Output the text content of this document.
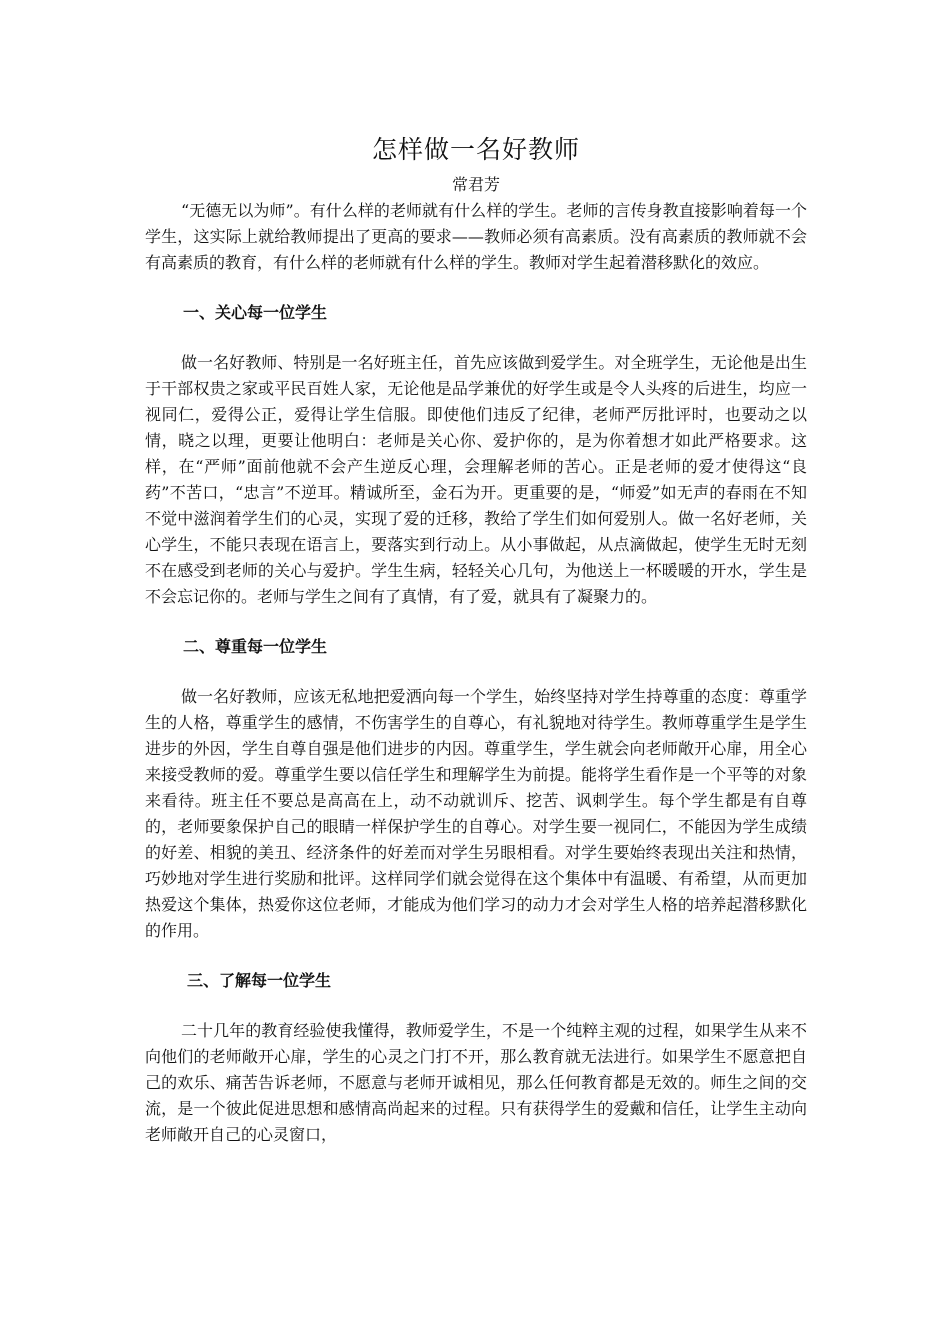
怎样做一名好教师

常君芳

“无德无以为师”。有什么样的老师就有什么样的学生。老师的言传身教直接影响着每一个学生，这实际上就给教师提出了更高的要求——教师必须有高素质。没有高素质的教师就不会有高素质的教育，有什么样的老师就有什么样的学生。教师对学生起着潜移默化的效应。

一、关心每一位学生

做一名好教师、特别是一名好班主任，首先应该做到爱学生。对全班学生，无论他是出生于干部权贵之家或平民百姓人家，无论他是品学兼优的好学生或是令人头疼的后进生，均应一视同仁，爱得公正，爱得让学生信服。即使他们违反了纪律，老师严厉批评时，也要动之以情，晓之以理，更要让他明白：老师是关心你、爱护你的，是为你着想才如此严格要求。这样，在“严师”面前他就不会产生逆反心理，会理解老师的苦心。正是老师的爱才使得这“良药”不苦口，“忠言”不逆耳。精诚所至，金石为开。更重要的是，“师爱”如无声的春雨在不知不觉中滋润着学生们的心灵，实现了爱的迁移，教给了学生们如何爱别人。做一名好老师，关心学生，不能只表现在语言上，要落实到行动上。从小事做起，从点滴做起，使学生无时无刻不在感受到老师的关心与爱护。学生生病，轻轻关心几句，为他送上一杯暖暖的开水，学生是不会忘记你的。老师与学生之间有了真情，有了爱，就具有了凝聚力的。

二、尊重每一位学生

做一名好教师，应该无私地把爱洒向每一个学生，始终坚持对学生持尊重的态度：尊重学生的人格，尊重学生的感情，不伤害学生的自尊心，有礼貌地对待学生。教师尊重学生是学生进步的外因，学生自尊自强是他们进步的内因。尊重学生，学生就会向老师敞开心扉，用全心来接受教师的爱。尊重学生要以信任学生和理解学生为前提。能将学生看作是一个平等的对象来看待。班主任不要总是高高在上，动不动就训斥、挖苦、讽刺学生。每个学生都是有自尊的，老师要象保护自己的眼睛一样保护学生的自尊心。对学生要一视同仁，不能因为学生成绩的好差、相貌的美丑、经济条件的好差而对学生另眼相看。对学生要始终表现出关注和热情，巧妙地对学生进行奖励和批评。这样同学们就会觉得在这个集体中有温暖、有希望，从而更加热爱这个集体，热爱你这位老师，才能成为他们学习的动力才会对学生人格的培养起潜移默化的作用。

三、了解每一位学生

二十几年的教育经验使我懂得，教师爱学生，不是一个纯粹主观的过程，如果学生从来不向他们的老师敞开心扉，学生的心灵之门打不开，那么教育就无法进行。如果学生不愿意把自己的欢乐、痛苦告诉老师，不愿意与老师开诚相见，那么任何教育都是无效的。师生之间的交流，是一个彼此促进思想和感情高尚起来的过程。只有获得学生的爱戴和信任，让学生主动向老师敞开自己的心灵窗口，
